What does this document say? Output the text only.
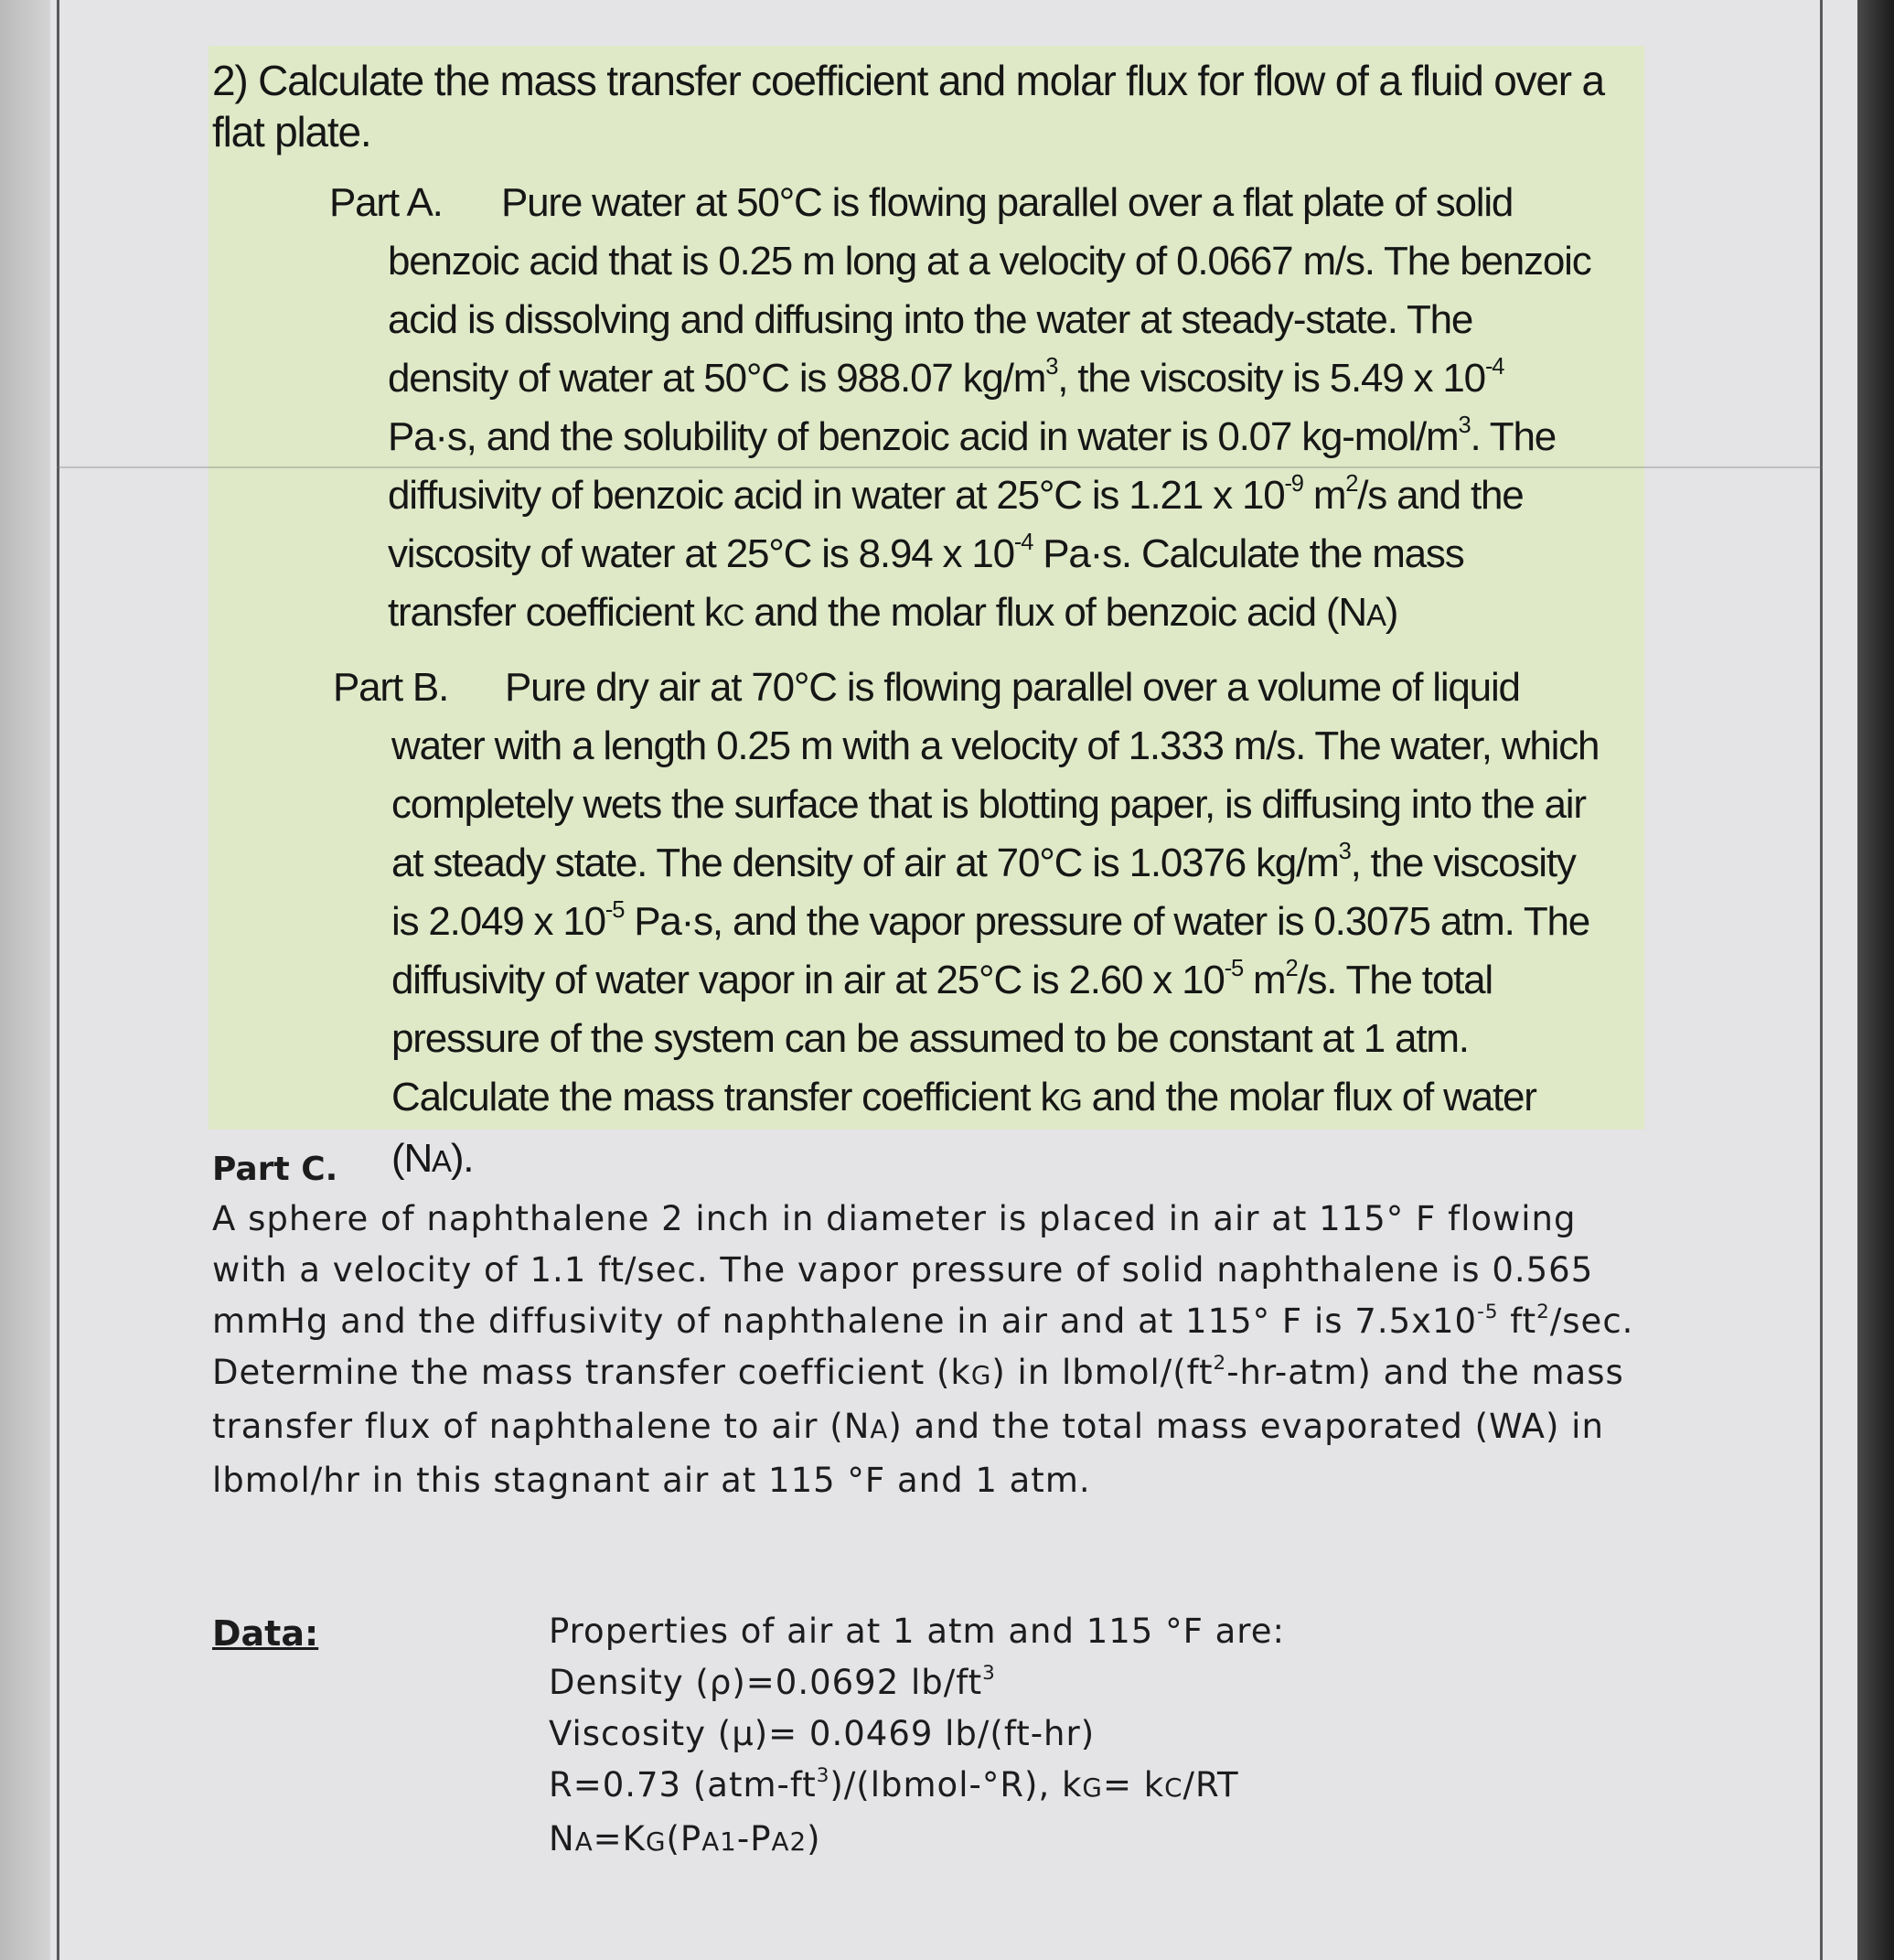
2) Calculate the mass transfer coefficient and molar flux for flow of a fluid over a flat plate.

Part A. Pure water at 50°C is flowing parallel over a flat plate of solid benzoic acid that is 0.25 m long at a velocity of 0.0667 m/s. The benzoic acid is dissolving and diffusing into the water at steady-state. The density of water at 50°C is 988.07 $kg/m^3$, the viscosity is 5.49 x $10^{-4}$ Pa·s, and the solubility of benzoic acid in water is 0.07 $kg-mol/m^3$. The diffusivity of benzoic acid in water at 25°C is 1.21 x $10^{-9}$ $m^2/s$ and the viscosity of water at 25°C is 8.94 x $10^{-4}$ Pa·s. Calculate the mass transfer coefficient kC and the molar flux of benzoic acid (NA)

Part B. Pure dry air at 70°C is flowing parallel over a volume of liquid water with a length 0.25 m with a velocity of 1.333 m/s. The water, which completely wets the surface that is blotting paper, is diffusing into the air at steady state. The density of air at 70°C is 1.0376 $kg/m^3$, the viscosity is 2.049 x $10^{-5}$ Pa·s, and the vapor pressure of water is 0.3075 atm. The diffusivity of water vapor in air at 25°C is 2.60 x $10^{-5}$ $m^2/s$. The total pressure of the system can be assumed to be constant at 1 atm. Calculate the mass transfer coefficient kG and the molar flux of water (NA).

Part C.

A sphere of naphthalene 2 inch in diameter is placed in air at 115° F flowing with a velocity of 1.1 ft/sec. The vapor pressure of solid naphthalene is 0.565 mmHg and the diffusivity of naphthalene in air and at 115° F is $7.5x10^{-5}$ $ft^2/\sec$. Determine the mass transfer coefficient (kG) in lbmol/$(ft^2-hr-atm)$ and the mass transfer flux of naphthalene to air (NA) and the total mass evaporated (WA) in lbmol/hr in this stagnant air at 115 °F and 1 atm.

Data:	Properties of air at 1 atm and 115 °F are:

Density (ρ)=0.0692 $lb/ft^3$

Viscosity (μ)= 0.0469 lb/(ft-hr)

R=0.73 $(atm-ft^3)/(lbmol-^\circ R)$, kG= kC/RT

NA=KG(PA1-PA2)
